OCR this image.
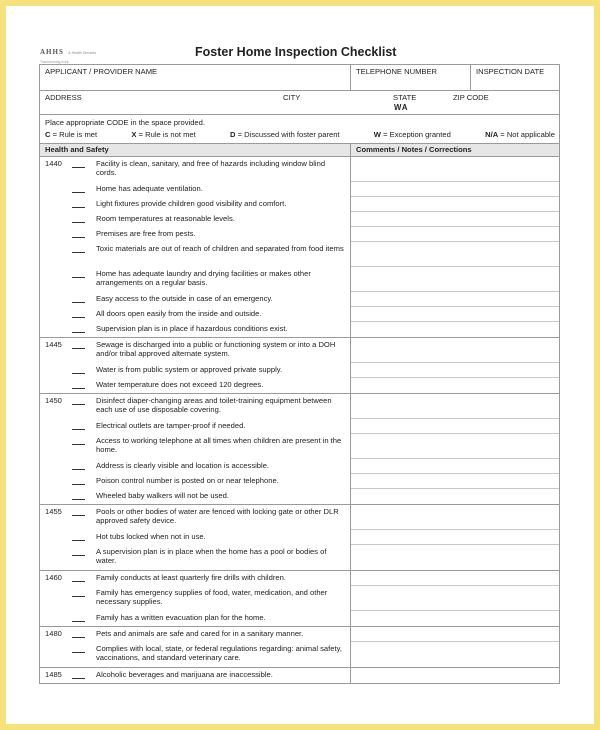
AHHS & Health Services
Transforming lives
Foster Home Inspection Checklist
APPLICANT / PROVIDER NAME	TELEPHONE NUMBER	INSPECTION DATE
ADDRESS	CITY	STATE
WA
ZIP CODE
Place appropriate CODE in the space provided.
C = Rule is met	X = Rule is not met	D = Discussed with foster parent	W = Exception granted	N/A = Not applicable
Health and Safety	Comments / Notes / Corrections
1440	Facility is clean, sanitary, and free of hazards including window blind cords.
Home has adequate ventilation.
Light fixtures provide children good visibility and comfort.
Room temperatures at reasonable levels.
Premises are free from pests.
Toxic materials are out of reach of children and separated from food items
Home has adequate laundry and drying facilities or makes other arrangements on a regular basis.
Easy access to the outside in case of an emergency.
All doors open easily from the inside and outside.
Supervision plan is in place if hazardous conditions exist.
1445	Sewage is discharged into a public or functioning system or into a DOH and/or tribal approved alternate system.
Water is from public system or approved private supply.
Water temperature does not exceed 120 degrees.
1450	Disinfect diaper-changing areas and toilet-training equipment between each use of use disposable covering.
Electrical outlets are tamper-proof if needed.
Access to working telephone at all times when children are present in the home.
Address is clearly visible and location is accessible.
Poison control number is posted on or near telephone.
Wheeled baby walkers will not be used.
1455	Pools or other bodies of water are fenced with locking gate or other DLR approved safety device.
Hot tubs locked when not in use.
A supervision plan is in place when the home has a pool or bodies of water.
1460	Family conducts at least quarterly fire drills with children.
Family has emergency supplies of food, water, medication, and other necessary supplies.
Family has a written evacuation plan for the home.
1480	Pets and animals are safe and cared for in a sanitary manner.
Complies with local, state, or federal regulations regarding: animal safety, vaccinations, and standard veterinary care.
1485	Alcoholic beverages and marijuana are inaccessible.
